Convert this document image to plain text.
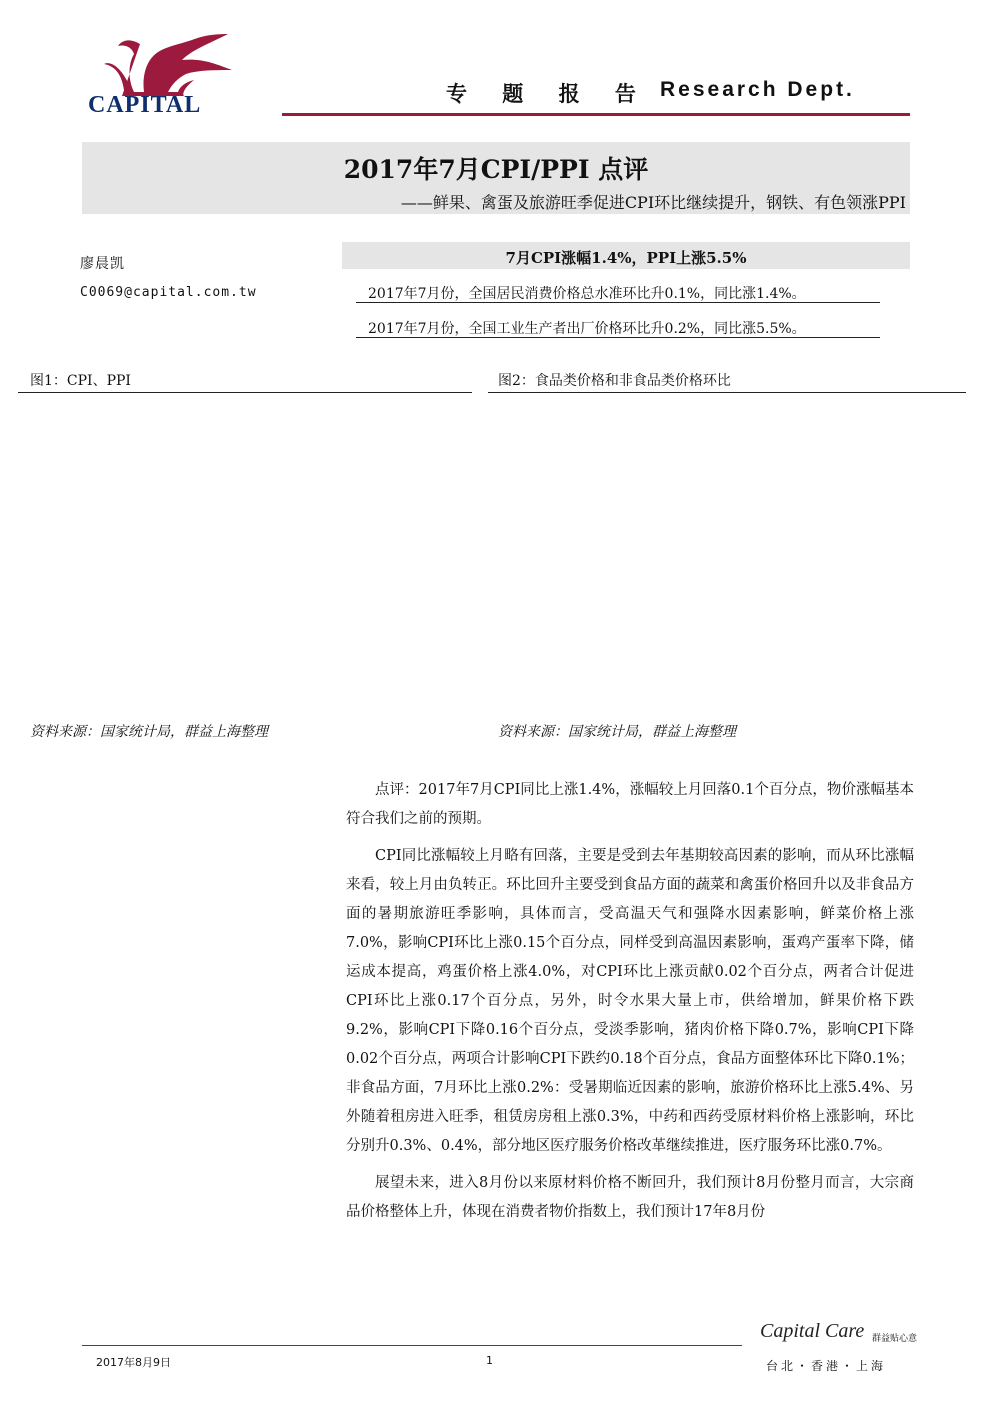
CAPITAL	专 题 报 告 Research Dept.
2017年7月CPI/PPI 点评
——鲜果、禽蛋及旅游旺季促进CPI环比继续提升，钢铁、有色领涨PPI
廖晨凯
C0069@capital.com.tw
7月CPI涨幅1.4%，PPI上涨5.5%
2017年7月份，全国居民消费价格总水准环比升0.1%，同比涨1.4%。
2017年7月份，全国工业生产者出厂价格环比升0.2%，同比涨5.5%。
图1：CPI、PPI	图2：食品类价格和非食品类价格环比
资料来源：国家统计局，群益上海整理	资料来源：国家统计局，群益上海整理

点评：2017年7月CPI同比上涨1.4%，涨幅较上月回落0.1个百分点，物价涨幅基本符合我们之前的预期。

CPI同比涨幅较上月略有回落，主要是受到去年基期较高因素的影响，而从环比涨幅来看，较上月由负转正。环比回升主要受到食品方面的蔬菜和禽蛋价格回升以及非食品方面的暑期旅游旺季影响，具体而言，受高温天气和强降水因素影响，鲜菜价格上涨7.0%，影响CPI环比上涨0.15个百分点，同样受到高温因素影响，蛋鸡产蛋率下降，储运成本提高，鸡蛋价格上涨4.0%，对CPI环比上涨贡献0.02个百分点，两者合计促进CPI环比上涨0.17个百分点，另外，时令水果大量上市，供给增加，鲜果价格下跌9.2%，影响CPI下降0.16个百分点，受淡季影响，猪肉价格下降0.7%，影响CPI下降0.02个百分点，两项合计影响CPI下跌约0.18个百分点，食品方面整体环比下降0.1%；非食品方面，7月环比上涨0.2%：受暑期临近因素的影响，旅游价格环比上涨5.4%、另外随着租房进入旺季，租赁房房租上涨0.3%，中药和西药受原材料价格上涨影响，环比分别升0.3%、0.4%，部分地区医疗服务价格改革继续推进，医疗服务环比涨0.7%。

展望未来，进入8月份以来原材料价格不断回升，我们预计8月份整月而言，大宗商品价格整体上升，体现在消费者物价指数上，我们预计17年8月份

2017年8月9日	1
Capital Care 群益贴心意
台北・香港・上海
